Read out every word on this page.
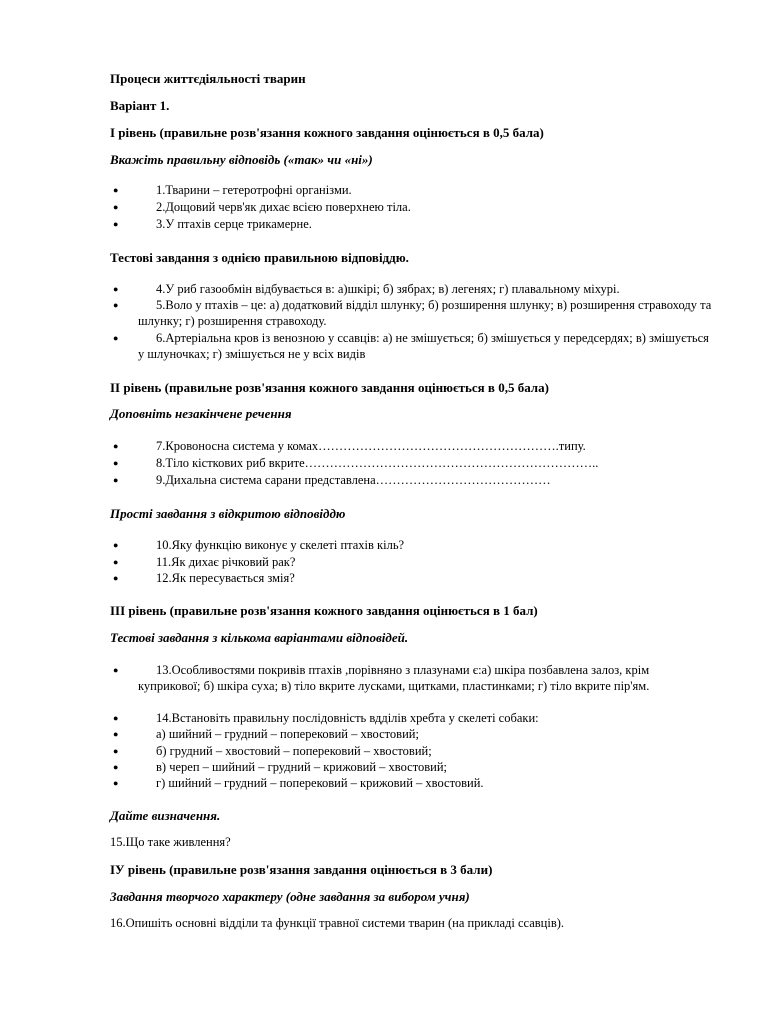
Процеси життєдіяльності тварин
Варіант 1.
І рівень (правильне розв'язання кожного завдання оцінюється в 0,5 бала)
Вкажіть правильну відповідь («так» чи «ні»)
●	1.Тварини – гетеротрофні організми.
●	2.Дощовий черв'як дихає всією поверхнею тіла.
●	3.У птахів серце трикамерне.
Тестові завдання з однією правильною відповіддю.
●	4.У риб газообмін відбувається в: а)шкірі; б) зябрах; в) легенях; г) плавальному міхурі.
●	5.Воло у птахів – це: а) додатковий відділ шлунку; б) розширення шлунку; в) розширення стравоходу та шлунку; г) розширення стравоходу.
●	6.Артеріальна кров із венозною у ссавців: а) не змішується; б) змішується у передсердях; в) змішується у шлуночках; г) змішується не у всіх видів
ІІ рівень (правильне розв'язання кожного завдання оцінюється в 0,5 бала)
Доповніть незакінчене речення
●	7.Кровоносна система у комах………………………………………………….типу.
●	8.Тіло кісткових риб вкрите……………………………………………………………..
●	9.Дихальна система сарани представлена……………………………………
Прості завдання з відкритою відповіддю
●	10.Яку функцію виконує у скелеті птахів кіль?
●	11.Як дихає річковий рак?
●	12.Як пересувається змія?
ІІІ рівень (правильне розв'язання кожного завдання оцінюється в 1 бал)
Тестові завдання з кількома варіантами відповідей.
●	13.Особливостями покривів птахів ,порівняно з плазунами є:а) шкіра позбавлена залоз, крім куприкової; б) шкіра суха; в) тіло вкрите лусками, щитками, пластинками; г) тіло вкрите пір'ям.
●	14.Встановіть правильну послідовність вдділів хребта у скелеті собаки:
●	а) шийний – грудний – поперековий – хвостовий;
●	б) грудний – хвостовий – поперековий – хвостовий;
●	в) череп – шийний – грудний – крижовий – хвостовий;
●	г) шийний – грудний – поперековий – крижовий – хвостовий.
Дайте визначення.
15.Що таке живлення?
ІУ рівень (правильне розв'язання завдання оцінюється в 3 бали)
Завдання творчого характеру (одне завдання за вибором учня)
16.Опишіть основні відділи та функції травної системи тварин (на прикладі ссавців).
